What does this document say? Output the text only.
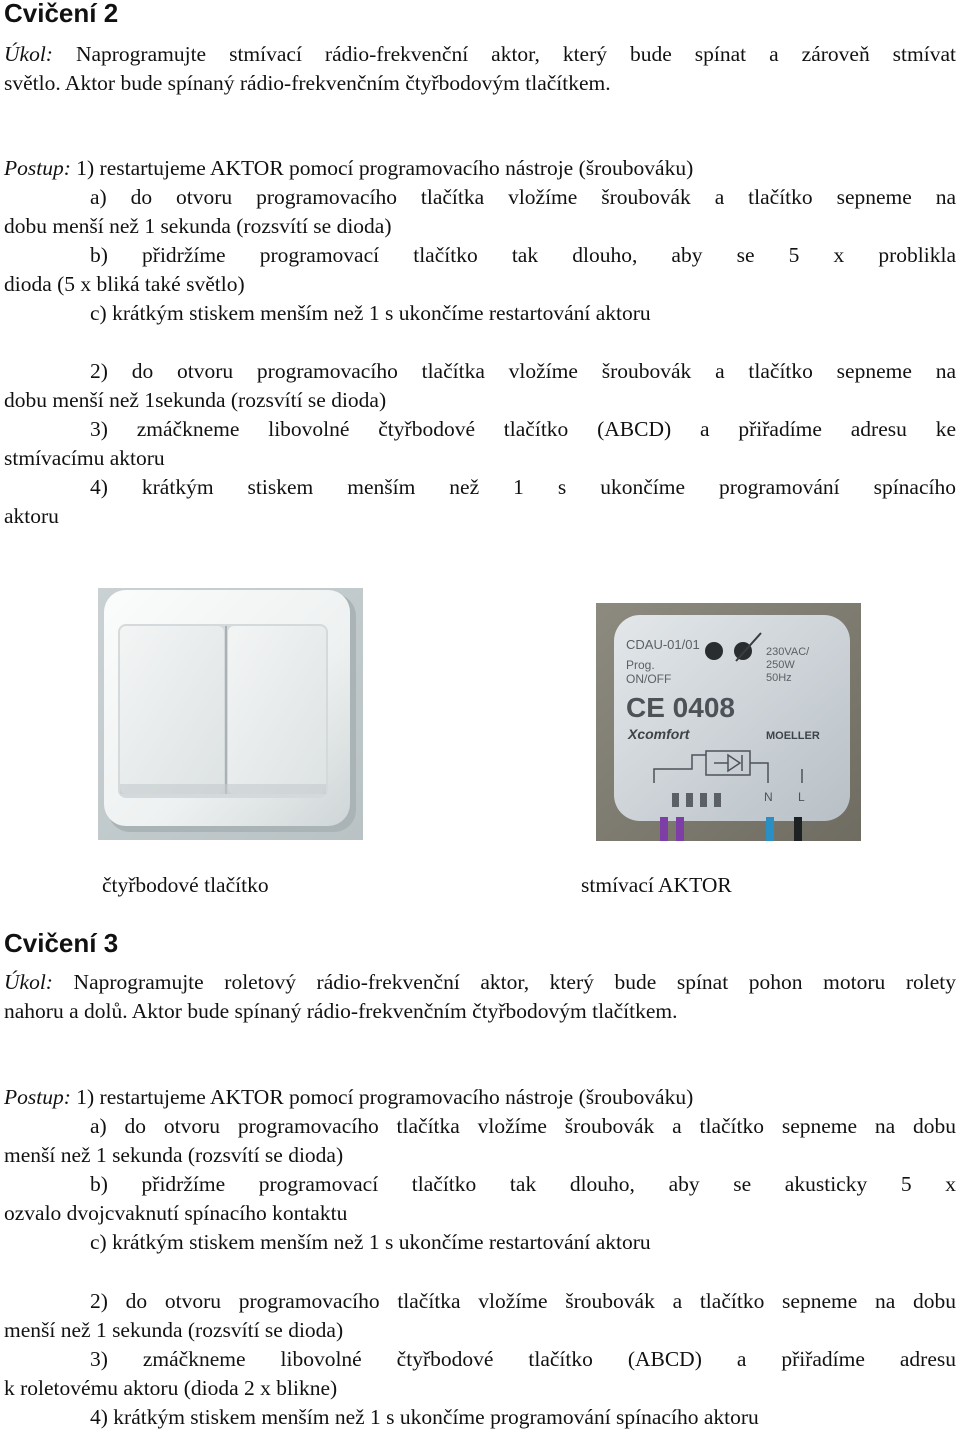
Cvičení 2
Úkol: Naprogramujte stmívací rádio-frekvenční aktor, který bude spínat a zároveň stmívat
světlo. Aktor bude spínaný rádio-frekvenčním čtyřbodovým tlačítkem.
Postup: 1) restartujeme AKTOR pomocí programovacího nástroje (šroubováku)
a) do otvoru programovacího tlačítka vložíme šroubovák a tlačítko sepneme na
dobu menší než 1 sekunda (rozsvítí se dioda)
b) přidržíme programovací tlačítko tak dlouho, aby se 5 x problikla
dioda (5 x bliká také světlo)
c) krátkým stiskem menším než 1 s ukončíme restartování aktoru
2) do otvoru programovacího tlačítka vložíme šroubovák a tlačítko sepneme na
dobu menší než 1sekunda (rozsvítí se dioda)
3) zmáčkneme libovolné čtyřbodové tlačítko (ABCD) a přiřadíme adresu ke
stmívacímu aktoru
4) krátkým stiskem menším než 1 s ukončíme programování spínacího
aktoru
CDAU-01/01
Prog.
ON/OFF
230VAC/
250W
50Hz
CE 0408
Xcomfort	MOELLER
N L
čtyřbodové tlačítko	stmívací AKTOR
Cvičení 3
Úkol: Naprogramujte roletový rádio-frekvenční aktor, který bude spínat pohon motoru rolety
nahoru a dolů. Aktor bude spínaný rádio-frekvenčním čtyřbodovým tlačítkem.
Postup: 1) restartujeme AKTOR pomocí programovacího nástroje (šroubováku)
a) do otvoru programovacího tlačítka vložíme šroubovák a tlačítko sepneme na dobu
menší než 1 sekunda (rozsvítí se dioda)
b) přidržíme programovací tlačítko tak dlouho, aby se akusticky 5 x
ozvalo dvojcvaknutí spínacího kontaktu
c) krátkým stiskem menším než 1 s ukončíme restartování aktoru
2) do otvoru programovacího tlačítka vložíme šroubovák a tlačítko sepneme na dobu
menší než 1 sekunda (rozsvítí se dioda)
3) zmáčkneme libovolné čtyřbodové tlačítko (ABCD) a přiřadíme adresu
k roletovému aktoru (dioda 2 x blikne)
4) krátkým stiskem menším než 1 s ukončíme programování spínacího aktoru
